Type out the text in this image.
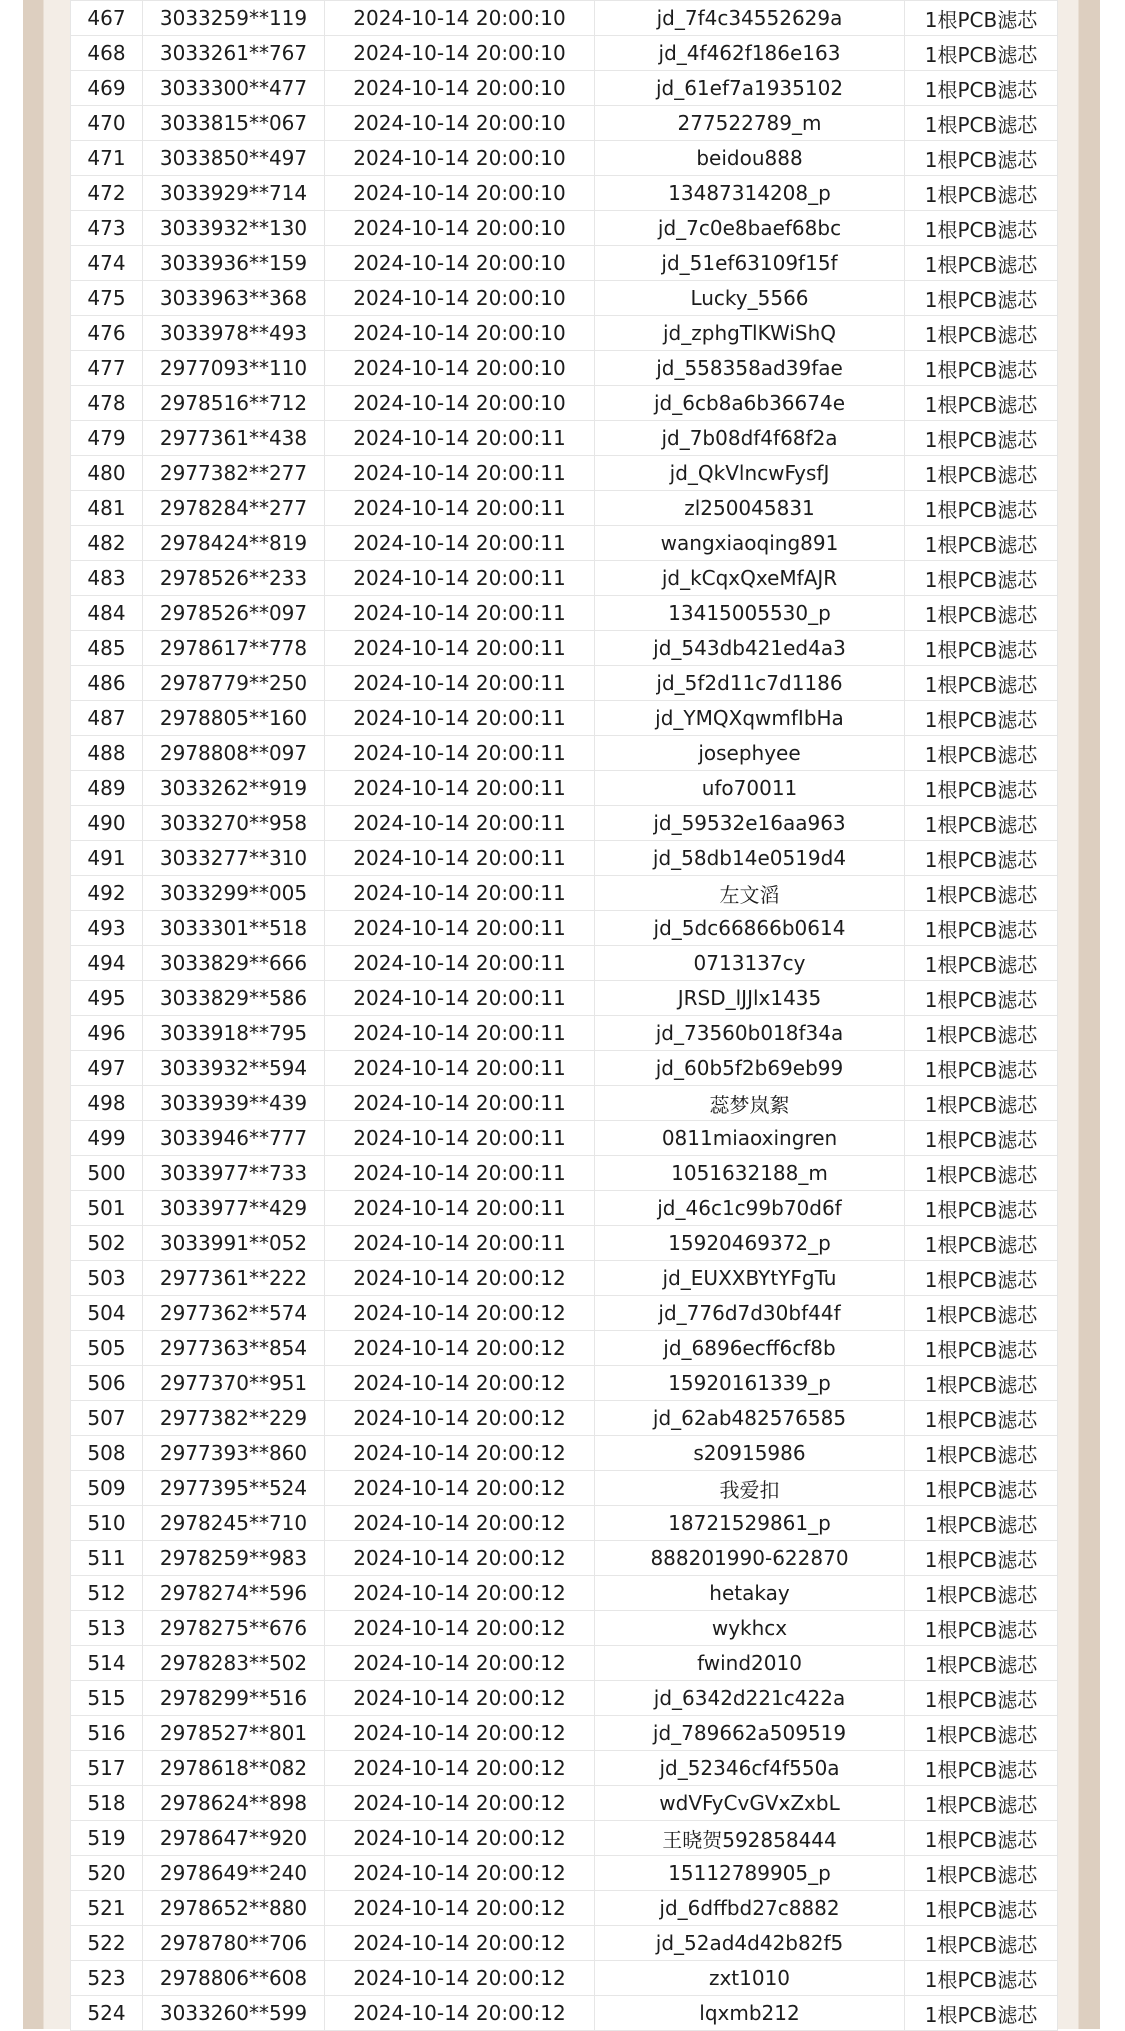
467	3033259**119	2024-10-14 20:00:10	jd_7f4c34552629a	1根PCB滤芯
468	3033261**767	2024-10-14 20:00:10	jd_4f462f186e163	1根PCB滤芯
469	3033300**477	2024-10-14 20:00:10	jd_61ef7a1935102	1根PCB滤芯
470	3033815**067	2024-10-14 20:00:10	277522789_m	1根PCB滤芯
471	3033850**497	2024-10-14 20:00:10	beidou888	1根PCB滤芯
472	3033929**714	2024-10-14 20:00:10	13487314208_p	1根PCB滤芯
473	3033932**130	2024-10-14 20:00:10	jd_7c0e8baef68bc	1根PCB滤芯
474	3033936**159	2024-10-14 20:00:10	jd_51ef63109f15f	1根PCB滤芯
475	3033963**368	2024-10-14 20:00:10	Lucky_5566	1根PCB滤芯
476	3033978**493	2024-10-14 20:00:10	jd_zphgTlKWiShQ	1根PCB滤芯
477	2977093**110	2024-10-14 20:00:10	jd_558358ad39fae	1根PCB滤芯
478	2978516**712	2024-10-14 20:00:10	jd_6cb8a6b36674e	1根PCB滤芯
479	2977361**438	2024-10-14 20:00:11	jd_7b08df4f68f2a	1根PCB滤芯
480	2977382**277	2024-10-14 20:00:11	jd_QkVlncwFysfJ	1根PCB滤芯
481	2978284**277	2024-10-14 20:00:11	zl250045831	1根PCB滤芯
482	2978424**819	2024-10-14 20:00:11	wangxiaoqing891	1根PCB滤芯
483	2978526**233	2024-10-14 20:00:11	jd_kCqxQxeMfAJR	1根PCB滤芯
484	2978526**097	2024-10-14 20:00:11	13415005530_p	1根PCB滤芯
485	2978617**778	2024-10-14 20:00:11	jd_543db421ed4a3	1根PCB滤芯
486	2978779**250	2024-10-14 20:00:11	jd_5f2d11c7d1186	1根PCB滤芯
487	2978805**160	2024-10-14 20:00:11	jd_YMQXqwmfIbHa	1根PCB滤芯
488	2978808**097	2024-10-14 20:00:11	josephyee	1根PCB滤芯
489	3033262**919	2024-10-14 20:00:11	ufo70011	1根PCB滤芯
490	3033270**958	2024-10-14 20:00:11	jd_59532e16aa963	1根PCB滤芯
491	3033277**310	2024-10-14 20:00:11	jd_58db14e0519d4	1根PCB滤芯
492	3033299**005	2024-10-14 20:00:11	左文滔	1根PCB滤芯
493	3033301**518	2024-10-14 20:00:11	jd_5dc66866b0614	1根PCB滤芯
494	3033829**666	2024-10-14 20:00:11	0713137cy	1根PCB滤芯
495	3033829**586	2024-10-14 20:00:11	JRSD_lJJlx1435	1根PCB滤芯
496	3033918**795	2024-10-14 20:00:11	jd_73560b018f34a	1根PCB滤芯
497	3033932**594	2024-10-14 20:00:11	jd_60b5f2b69eb99	1根PCB滤芯
498	3033939**439	2024-10-14 20:00:11	蕊梦岚絮	1根PCB滤芯
499	3033946**777	2024-10-14 20:00:11	0811miaoxingren	1根PCB滤芯
500	3033977**733	2024-10-14 20:00:11	1051632188_m	1根PCB滤芯
501	3033977**429	2024-10-14 20:00:11	jd_46c1c99b70d6f	1根PCB滤芯
502	3033991**052	2024-10-14 20:00:11	15920469372_p	1根PCB滤芯
503	2977361**222	2024-10-14 20:00:12	jd_EUXXBYtYFgTu	1根PCB滤芯
504	2977362**574	2024-10-14 20:00:12	jd_776d7d30bf44f	1根PCB滤芯
505	2977363**854	2024-10-14 20:00:12	jd_6896ecff6cf8b	1根PCB滤芯
506	2977370**951	2024-10-14 20:00:12	15920161339_p	1根PCB滤芯
507	2977382**229	2024-10-14 20:00:12	jd_62ab482576585	1根PCB滤芯
508	2977393**860	2024-10-14 20:00:12	s20915986	1根PCB滤芯
509	2977395**524	2024-10-14 20:00:12	我爱扣	1根PCB滤芯
510	2978245**710	2024-10-14 20:00:12	18721529861_p	1根PCB滤芯
511	2978259**983	2024-10-14 20:00:12	888201990-622870	1根PCB滤芯
512	2978274**596	2024-10-14 20:00:12	hetakay	1根PCB滤芯
513	2978275**676	2024-10-14 20:00:12	wykhcx	1根PCB滤芯
514	2978283**502	2024-10-14 20:00:12	fwind2010	1根PCB滤芯
515	2978299**516	2024-10-14 20:00:12	jd_6342d221c422a	1根PCB滤芯
516	2978527**801	2024-10-14 20:00:12	jd_789662a509519	1根PCB滤芯
517	2978618**082	2024-10-14 20:00:12	jd_52346cf4f550a	1根PCB滤芯
518	2978624**898	2024-10-14 20:00:12	wdVFyCvGVxZxbL	1根PCB滤芯
519	2978647**920	2024-10-14 20:00:12	王晓贺592858444	1根PCB滤芯
520	2978649**240	2024-10-14 20:00:12	15112789905_p	1根PCB滤芯
521	2978652**880	2024-10-14 20:00:12	jd_6dffbd27c8882	1根PCB滤芯
522	2978780**706	2024-10-14 20:00:12	jd_52ad4d42b82f5	1根PCB滤芯
523	2978806**608	2024-10-14 20:00:12	zxt1010	1根PCB滤芯
524	3033260**599	2024-10-14 20:00:12	lqxmb212	1根PCB滤芯
